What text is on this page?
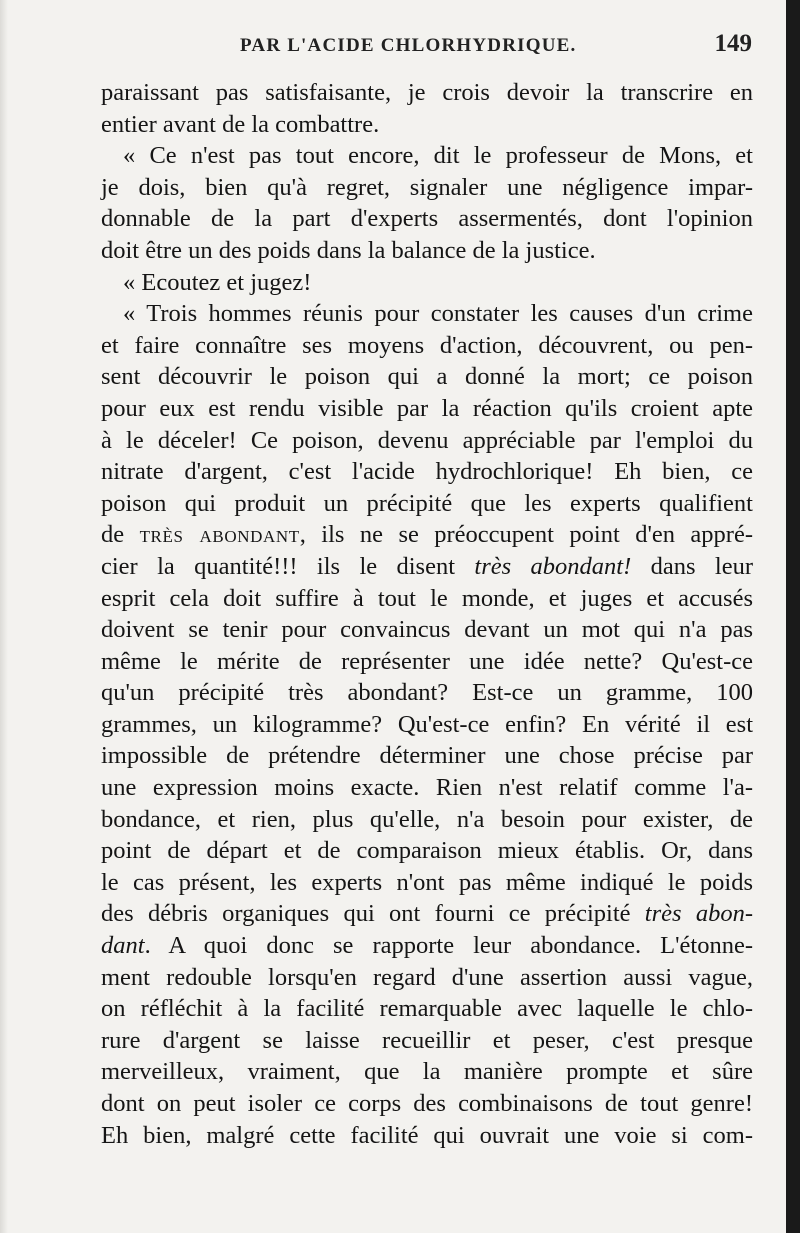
PAR L'ACIDE CHLORHYDRIQUE.	149
paraissant pas satisfaisante, je crois devoir la transcrire en
entier avant de la combattre.
« Ce n'est pas tout encore, dit le professeur de Mons, et
je dois, bien qu'à regret, signaler une négligence impar-
donnable de la part d'experts assermentés, dont l'opinion
doit être un des poids dans la balance de la justice.
« Ecoutez et jugez!
« Trois hommes réunis pour constater les causes d'un crime
et faire connaître ses moyens d'action, découvrent, ou pen-
sent découvrir le poison qui a donné la mort; ce poison
pour eux est rendu visible par la réaction qu'ils croient apte
à le déceler! Ce poison, devenu appréciable par l'emploi du
nitrate d'argent, c'est l'acide hydrochlorique! Eh bien, ce
poison qui produit un précipité que les experts qualifient
de très abondant, ils ne se préoccupent point d'en appré-
cier la quantité!!! ils le disent très abondant! dans leur
esprit cela doit suffire à tout le monde, et juges et accusés
doivent se tenir pour convaincus devant un mot qui n'a pas
même le mérite de représenter une idée nette? Qu'est-ce
qu'un précipité très abondant? Est-ce un gramme, 100
grammes, un kilogramme? Qu'est-ce enfin? En vérité il est
impossible de prétendre déterminer une chose précise par
une expression moins exacte. Rien n'est relatif comme l'a-
bondance, et rien, plus qu'elle, n'a besoin pour exister, de
point de départ et de comparaison mieux établis. Or, dans
le cas présent, les experts n'ont pas même indiqué le poids
des débris organiques qui ont fourni ce précipité très abon-
dant. A quoi donc se rapporte leur abondance. L'étonne-
ment redouble lorsqu'en regard d'une assertion aussi vague,
on réfléchit à la facilité remarquable avec laquelle le chlo-
rure d'argent se laisse recueillir et peser, c'est presque
merveilleux, vraiment, que la manière prompte et sûre
dont on peut isoler ce corps des combinaisons de tout genre!
Eh bien, malgré cette facilité qui ouvrait une voie si com-
